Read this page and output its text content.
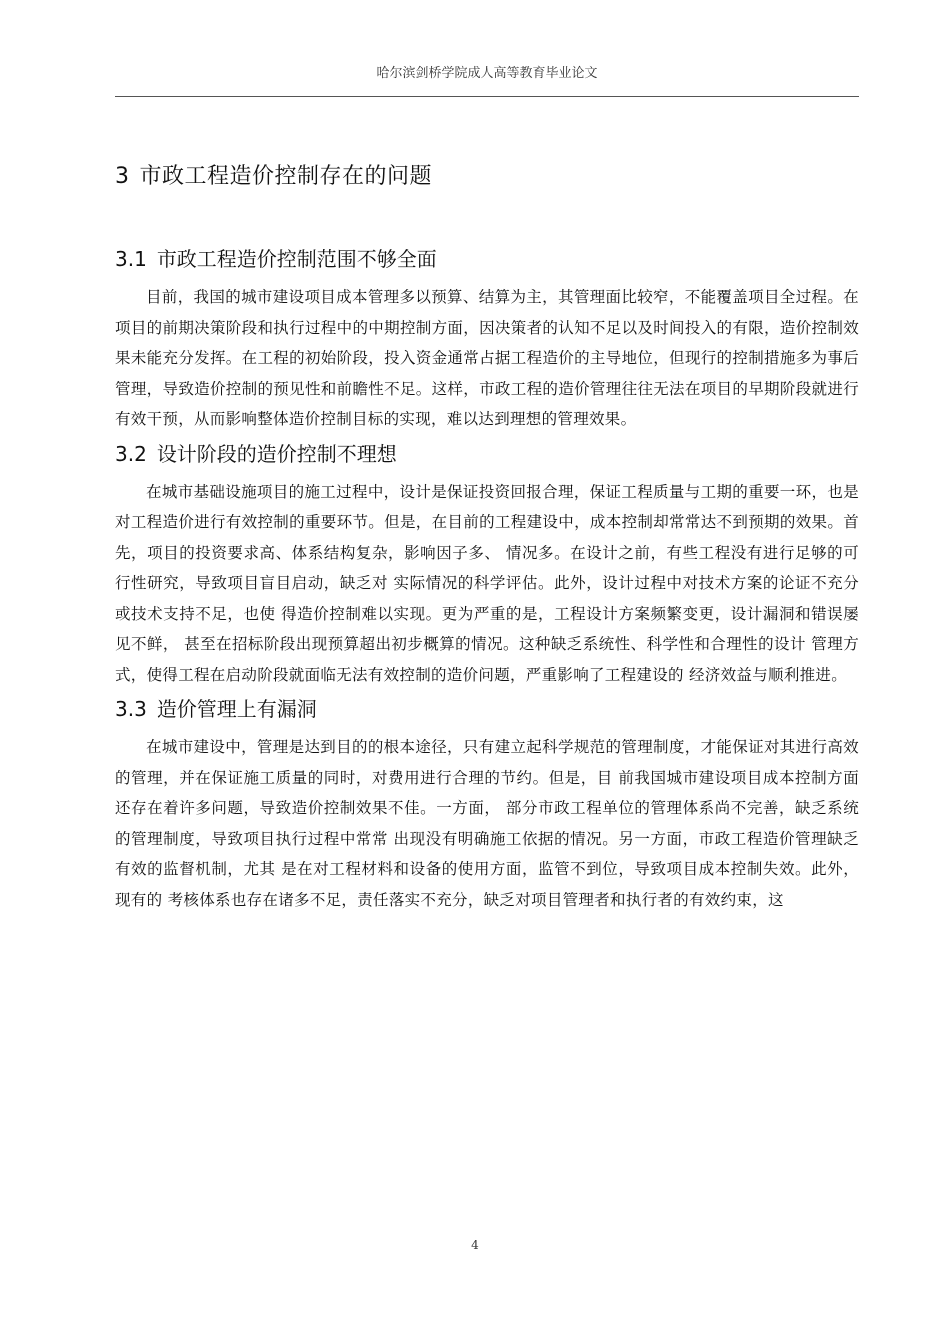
哈尔滨剑桥学院成人高等教育毕业论文
3 市政工程造价控制存在的问题
3.1 市政工程造价控制范围不够全面

目前，我国的城市建设项目成本管理多以预算、结算为主，其管理面比较窄，不能覆盖项目全过程。在项目的前期决策阶段和执行过程中的中期控制方面，因决策者的认知不足以及时间投入的有限，造价控制效果未能充分发挥。在工程的初始阶段，投入资金通常占据工程造价的主导地位，但现行的控制措施多为事后管理，导致造价控制的预见性和前瞻性不足。这样，市政工程的造价管理往往无法在项目的早期阶段就进行有效干预，从而影响整体造价控制目标的实现，难以达到理想的管理效果。

3.2 设计阶段的造价控制不理想

在城市基础设施项目的施工过程中，设计是保证投资回报合理，保证工程质量与工期的重要一环，也是对工程造价进行有效控制的重要环节。但是，在目前的工程建设中，成本控制却常常达不到预期的效果。首先，项目的投资要求高、体系结构复杂，影响因子多、 情况多。在设计之前，有些工程没有进行足够的可行性研究，导致项目盲目启动，缺乏对 实际情况的科学评估。此外，设计过程中对技术方案的论证不充分或技术支持不足，也使 得造价控制难以实现。更为严重的是，工程设计方案频繁变更，设计漏洞和错误屡见不鲜， 甚至在招标阶段出现预算超出初步概算的情况。这种缺乏系统性、科学性和合理性的设计 管理方式，使得工程在启动阶段就面临无法有效控制的造价问题，严重影响了工程建设的 经济效益与顺利推进。

3.3 造价管理上有漏洞

在城市建设中，管理是达到目的的根本途径，只有建立起科学规范的管理制度，才能保证对其进行高效的管理，并在保证施工质量的同时，对费用进行合理的节约。但是，目 前我国城市建设项目成本控制方面还存在着许多问题，导致造价控制效果不佳。一方面， 部分市政工程单位的管理体系尚不完善，缺乏系统的管理制度，导致项目执行过程中常常 出现没有明确施工依据的情况。另一方面，市政工程造价管理缺乏有效的监督机制，尤其 是在对工程材料和设备的使用方面，监管不到位，导致项目成本控制失效。此外，现有的 考核体系也存在诸多不足，责任落实不充分，缺乏对项目管理者和执行者的有效约束，这

4
